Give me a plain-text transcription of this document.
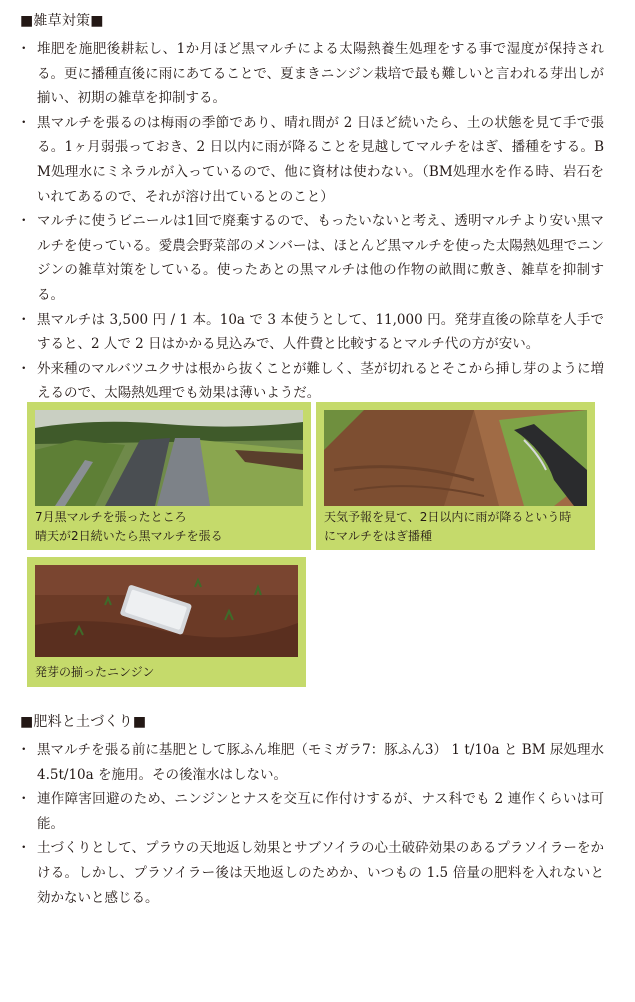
■雑草対策■
・ 堆肥を施肥後耕耘し、1か月ほど黒マルチによる太陽熱養生処理をする事で湿度が保持される。更に播種直後に雨にあてることで、夏まきニンジン栽培で最も難しいと言われる芽出しが揃い、初期の雑草を抑制する。
・ 黒マルチを張るのは梅雨の季節であり、晴れ間が 2 日ほど続いたら、土の状態を見て手で張る。1ヶ月弱張っておき、2 日以内に雨が降ることを見越してマルチをはぎ、播種をする。BM処理水にミネラルが入っているので、他に資材は使わない。（BM処理水を作る時、岩石をいれてあるので、それが溶け出ているとのこと）
・ マルチに使うビニールは1回で廃棄するので、もったいないと考え、透明マルチより安い黒マルチを使っている。愛農会野菜部のメンバーは、ほとんど黒マルチを使った太陽熱処理でニンジンの雑草対策をしている。使ったあとの黒マルチは他の作物の畝間に敷き、雑草を抑制する。
・ 黒マルチは 3,500 円 / 1 本。10a で 3 本使うとして、11,000 円。発芽直後の除草を人手ですると、2 人で 2 日はかかる見込みで、人件費と比較するとマルチ代の方が安い。
・ 外来種のマルバツユクサは根から抜くことが難しく、茎が切れるとそこから挿し芽のように増えるので、太陽熱処理でも効果は薄いようだ。
7月黒マルチを張ったところ
晴天が2日続いたら黒マルチを張る
天気予報を見て、2日以内に雨が降るという時
にマルチをはぎ播種
発芽の揃ったニンジン
■肥料と土づくり■
・ 黒マルチを張る前に基肥として豚ふん堆肥（モミガラ7：豚ふん3） 1 t/10a と BM 尿処理水 4.5t/10a を施用。その後潅水はしない。
・ 連作障害回避のため、ニンジンとナスを交互に作付けするが、ナス科でも 2 連作くらいは可能。
・ 土づくりとして、プラウの天地返し効果とサブソイラの心土破砕効果のあるプラソイラーをかける。しかし、プラソイラー後は天地返しのためか、いつもの 1.5 倍量の肥料を入れないと効かないと感じる。
